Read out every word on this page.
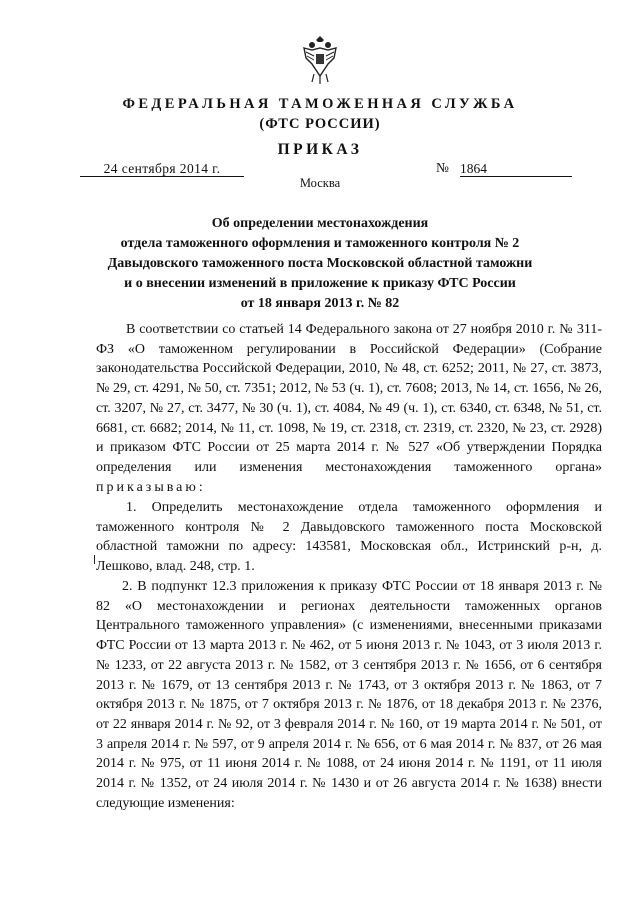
ФЕДЕРАЛЬНАЯ ТАМОЖЕННАЯ СЛУЖБА
(ФТС РОССИИ)
ПРИКАЗ
24 сентября 2014 г.	№ 1864
Москва
Об определении местонахождения
отдела таможенного оформления и таможенного контроля № 2
Давыдовского таможенного поста Московской областной таможни
и о внесении изменений в приложение к приказу ФТС России
от 18 января 2013 г. № 82
В соответствии со статьей 14 Федерального закона от 27 ноября 2010 г. № 311-ФЗ «О таможенном регулировании в Российской Федерации» (Собрание законодательства Российской Федерации, 2010, № 48, ст. 6252; 2011, № 27, ст. 3873, № 29, ст. 4291, № 50, ст. 7351; 2012, № 53 (ч. 1), ст. 7608; 2013, № 14, ст. 1656, № 26, ст. 3207, № 27, ст. 3477, № 30 (ч. 1), ст. 4084, № 49 (ч. 1), ст. 6340, ст. 6348, № 51, ст. 6681, ст. 6682; 2014, № 11, ст. 1098, № 19, ст. 2318, ст. 2319, ст. 2320, № 23, ст. 2928) и приказом ФТС России от 25 марта 2014 г. № 527 «Об утверждении Порядка определения или изменения местонахождения таможенного органа» приказываю:
1. Определить местонахождение отдела таможенного оформления и таможенного контроля № 2 Давыдовского таможенного поста Московской областной таможни по адресу: 143581, Московская обл., Истринский р-н, д. Лешково, влад. 248, стр. 1.
2. В подпункт 12.3 приложения к приказу ФТС России от 18 января 2013 г. № 82 «О местонахождении и регионах деятельности таможенных органов Центрального таможенного управления» (с изменениями, внесенными приказами ФТС России от 13 марта 2013 г. № 462, от 5 июня 2013 г. № 1043, от 3 июля 2013 г. № 1233, от 22 августа 2013 г. № 1582, от 3 сентября 2013 г. № 1656, от 6 сентября 2013 г. № 1679, от 13 сентября 2013 г. № 1743, от 3 октября 2013 г. № 1863, от 7 октября 2013 г. № 1875, от 7 октября 2013 г. № 1876, от 18 декабря 2013 г. № 2376, от 22 января 2014 г. № 92, от 3 февраля 2014 г. № 160, от 19 марта 2014 г. № 501, от 3 апреля 2014 г. № 597, от 9 апреля 2014 г. № 656, от 6 мая 2014 г. № 837, от 26 мая 2014 г. № 975, от 11 июня 2014 г. № 1088, от 24 июня 2014 г. № 1191, от 11 июля 2014 г. № 1352, от 24 июля 2014 г. № 1430 и от 26 августа 2014 г. № 1638) внести следующие изменения:
